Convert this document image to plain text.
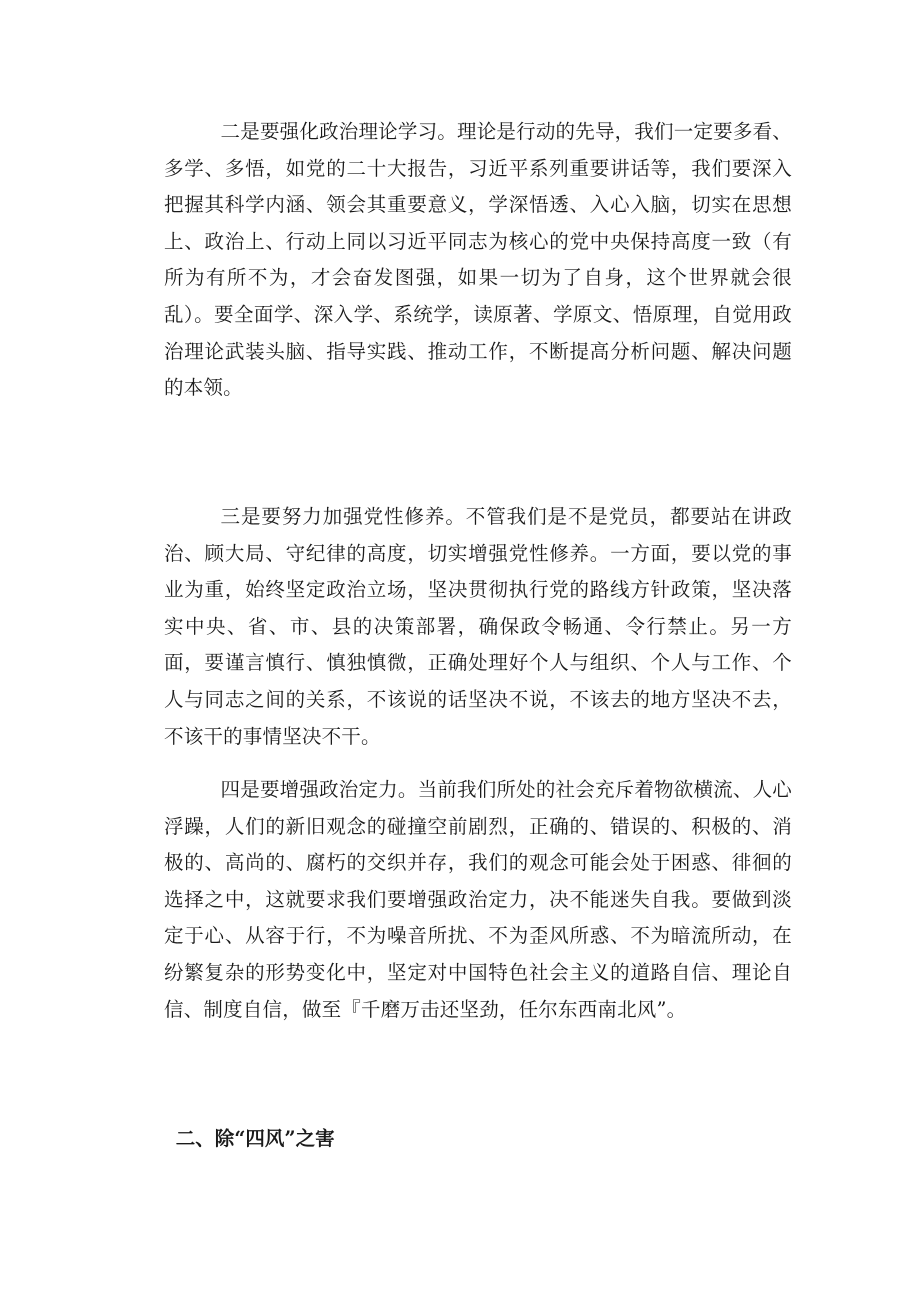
二是要强化政治理论学习。理论是行动的先导，我们一定要多看、多学、多悟，如党的二十大报告，习近平系列重要讲话等，我们要深入把握其科学内涵、领会其重要意义，学深悟透、入心入脑，切实在思想上、政治上、行动上同以习近平同志为核心的党中央保持高度一致（有所为有所不为，才会奋发图强，如果一切为了自身，这个世界就会很乱）。要全面学、深入学、系统学，读原著、学原文、悟原理，自觉用政治理论武装头脑、指导实践、推动工作，不断提高分析问题、解决问题的本领。

三是要努力加强党性修养。不管我们是不是党员，都要站在讲政治、顾大局、守纪律的高度，切实增强党性修养。一方面，要以党的事业为重，始终坚定政治立场，坚决贯彻执行党的路线方针政策，坚决落实中央、省、市、县的决策部署，确保政令畅通、令行禁止。另一方面，要谨言慎行、慎独慎微，正确处理好个人与组织、个人与工作、个人与同志之间的关系，不该说的话坚决不说，不该去的地方坚决不去，不该干的事情坚决不干。

四是要增强政治定力。当前我们所处的社会充斥着物欲横流、人心浮躁，人们的新旧观念的碰撞空前剧烈，正确的、错误的、积极的、消极的、高尚的、腐朽的交织并存，我们的观念可能会处于困惑、徘徊的选择之中，这就要求我们要增强政治定力，决不能迷失自我。要做到淡定于心、从容于行，不为噪音所扰、不为歪风所惑、不为暗流所动，在纷繁复杂的形势变化中，坚定对中国特色社会主义的道路自信、理论自信、制度自信，做至『千磨万击还坚劲，任尔东西南北风”。

二、除“四风”之害
